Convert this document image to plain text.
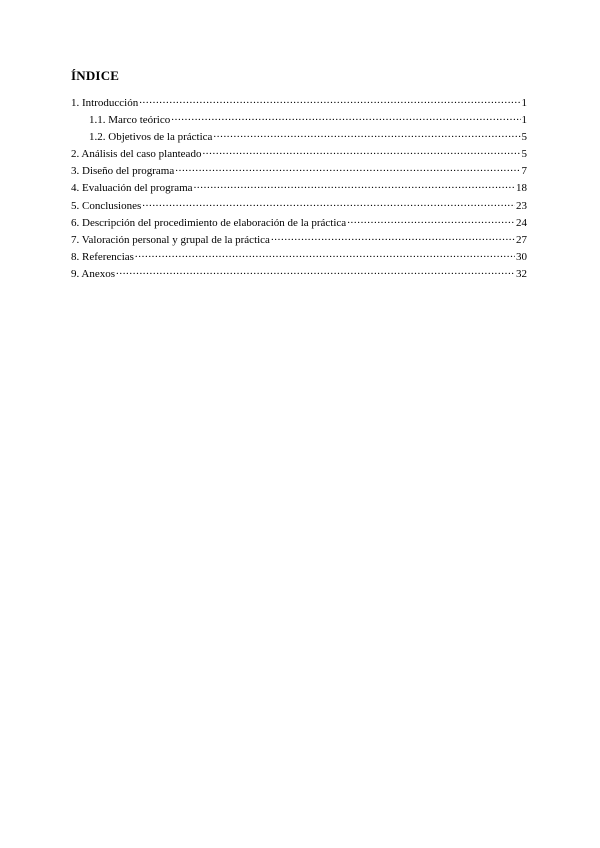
ÍNDICE
1. Introducción .....	1
1.1. Marco teórico .....	1
1.2. Objetivos de la práctica .....	5
2. Análisis del caso planteado .....	5
3. Diseño del programa .....	7
4. Evaluación del programa .....	18
5. Conclusiones .....	23
6. Descripción del procedimiento de elaboración de la práctica .....	24
7. Valoración personal y grupal de la práctica .....	27
8. Referencias .....	30
9. Anexos .....	32
